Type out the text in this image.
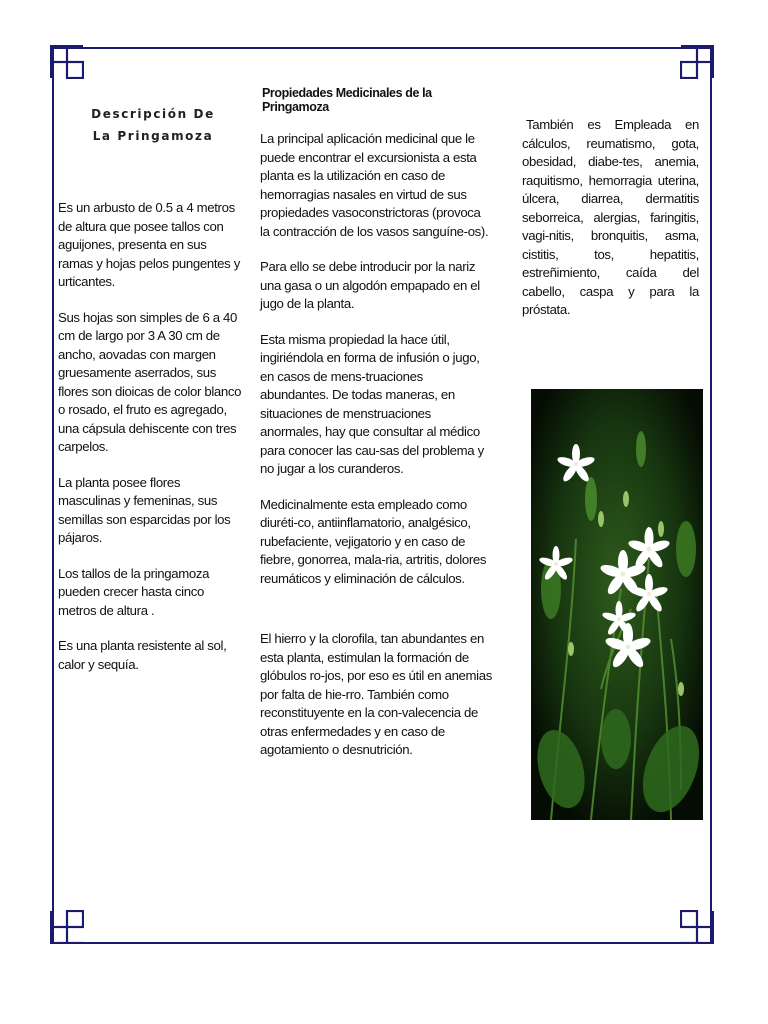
Descripción De La Pringamoza

Es un arbusto de 0.5 a 4 metros de altura que posee tallos con aguijones, presenta en sus ramas y hojas pelos pungentes y urticantes.

Sus hojas son simples de 6 a 40 cm de largo por 3 A 30 cm de ancho, aovadas con margen gruesamente aserrados, sus flores son dioicas de color blanco o rosado, el fruto es agregado, una cápsula dehiscente con tres carpelos.

La planta posee flores masculinas y femeninas, sus semillas son esparcidas por los pájaros.

Los tallos de la pringamoza pueden crecer hasta cinco metros de altura .

Es una planta resistente al sol, calor y sequía.

Propiedades Medicinales de la Pringamoza

La principal aplicación medicinal que le puede encontrar el excursionista a esta planta es la utilización en caso de hemorragias nasales en virtud de sus propiedades vasoconstrictoras (provoca la contracción de los vasos sanguíne-os).

Para ello se debe introducir por la nariz una gasa o un algodón empapado en el jugo de la planta.

Esta misma propiedad la hace útil, ingiriéndola en forma de infusión o jugo, en casos de mens-truaciones abundantes. De todas maneras, en situaciones de menstruaciones anormales, hay que consultar al médico para conocer las cau-sas del problema y no jugar a los curanderos.

Medicinalmente esta empleado como diuréti-co, antiinflamatorio, analgésico, rubefaciente, vejigatorio y en caso de fiebre, gonorrea, mala-ria, artritis, dolores reumáticos y eliminación de cálculos.

El hierro y la clorofila, tan abundantes en esta planta, estimulan la formación de glóbulos ro-jos, por eso es útil en anemias por falta de hie-rro. También como reconstituyente en la con-valecencia de otras enfermedades y en caso de agotamiento o desnutrición.

También es Empleada en cálculos, reumatismo, gota, obesidad, diabe-tes, anemia, raquitismo, hemorragia uterina, úlcera, diarrea, dermatitis seborreica, alergias, faringitis, vagi-nitis, bronquitis, asma, cistitis, tos, hepatitis, estreñimiento, caída del cabello, caspa y para la próstata.
